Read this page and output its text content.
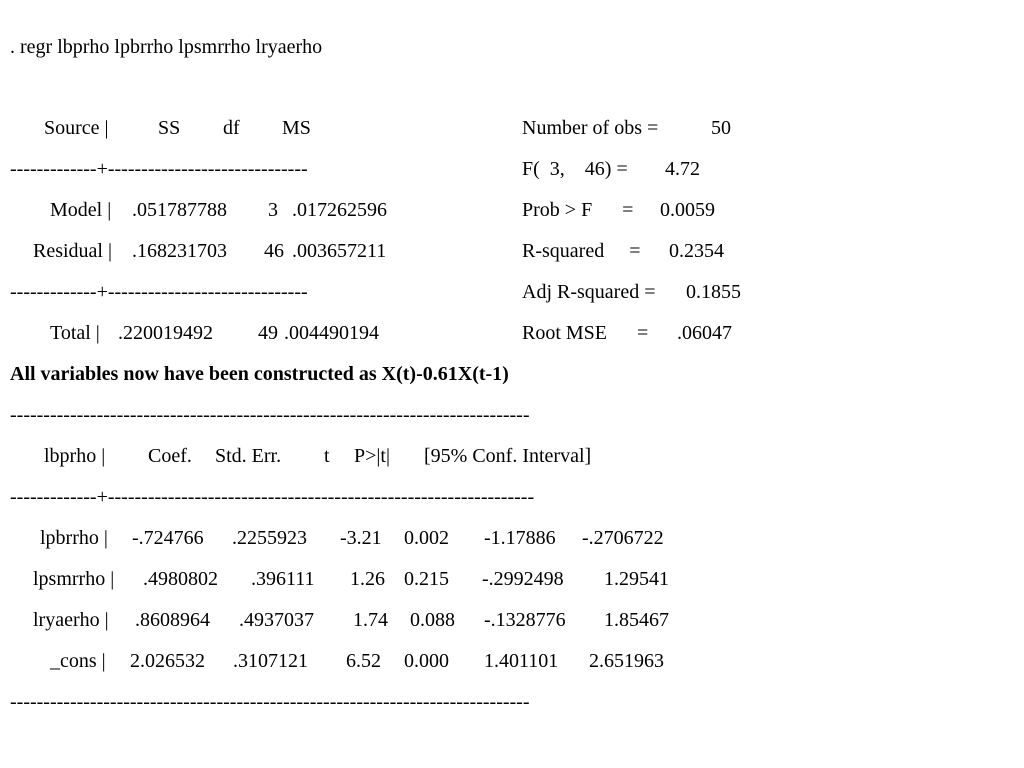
. regr lbprho lpbrrho lpsmrrho lryaerho
Source | SS df MS
-------------+------------------------------
Model | .051787788 3 .017262596
Residual | .168231703 46 .003657211
-------------+------------------------------
Total | .220019492 49 .004490194
Number of obs =	50
F(  3,    46) = 4.72
Prob > F      = 0.0059
R-squared     = 0.2354
Adj R-squared = 0.1855
Root MSE      = .06047
All variables now have been constructed as X(t)-0.61X(t-1)
------------------------------------------------------------------------------
lbprho | Coef. Std. Err. t P>|t| [95% Conf. Interval]
-------------+----------------------------------------------------------------
lpbrrho | -.724766 .2255923 -3.21 0.002 -1.17886 -.2706722
lpsmrrho | .4980802 .396111 1.26 0.215 -.2992498 1.29541
lryaerho | .8608964 .4937037 1.74 0.088 -.1328776 1.85467
_cons | 2.026532 .3107121 6.52 0.000 1.401101 2.651963
------------------------------------------------------------------------------
